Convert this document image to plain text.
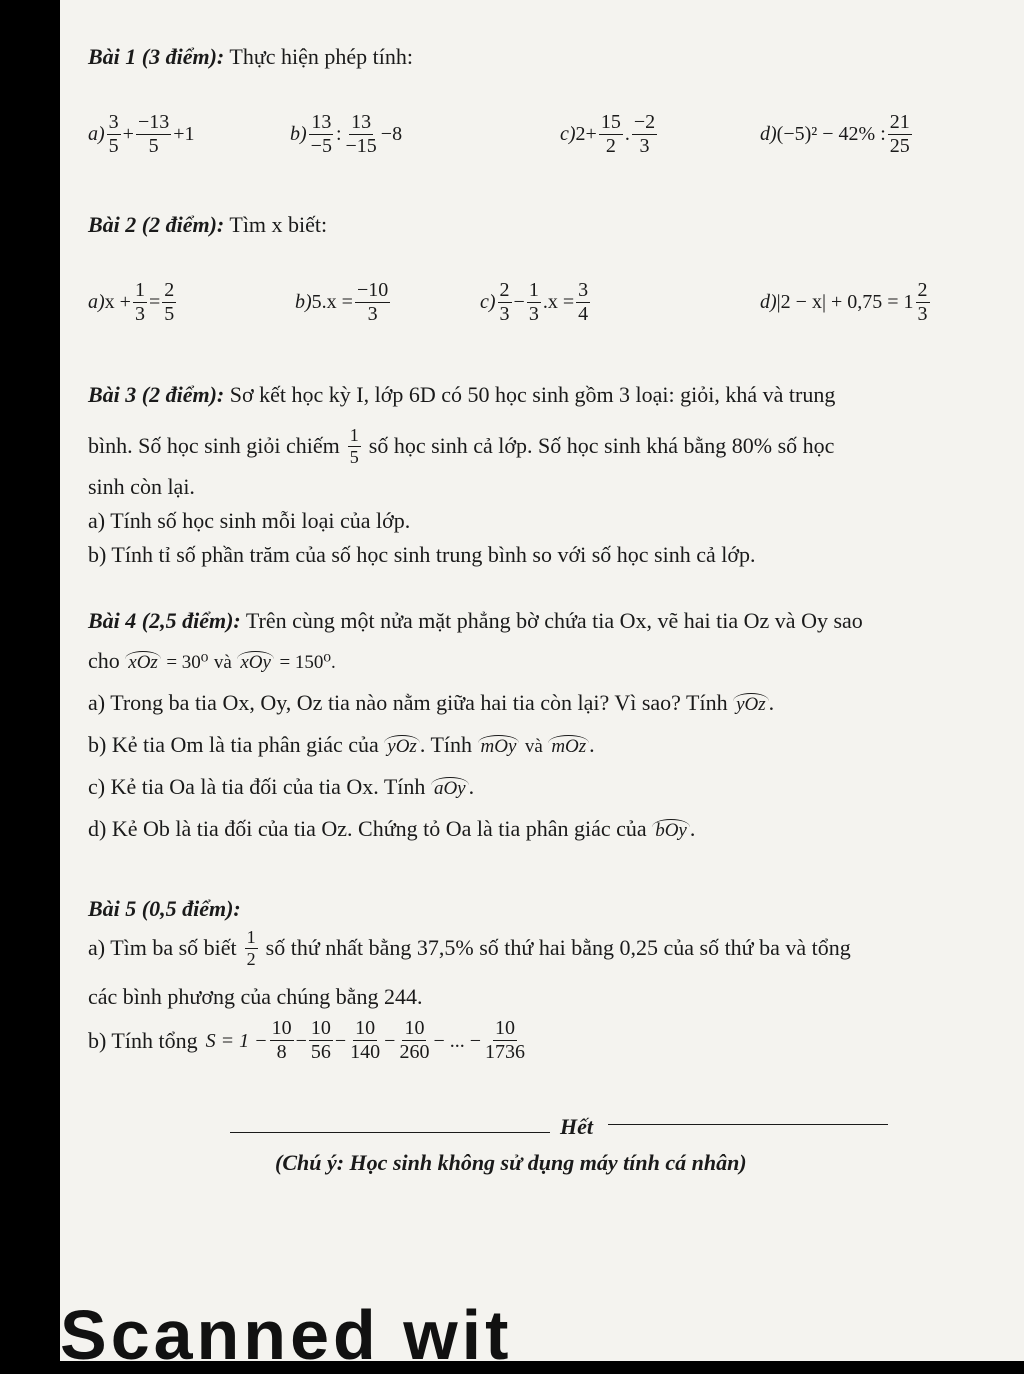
Bài 1 (3 điểm): Thực hiện phép tính:
$a) \frac{3}{5} + \frac{-13}{5} +1$	$b) \frac{13}{-5}$ : $\frac{13}{-15} -8$	c) $2+ \frac{15}{2}$ . $\frac{-2}{3}$	d) (−5)² − 42% : $\frac{21}{25}$
Bài 2 (2 điểm): Tìm x biết:
a) $x + \frac{1}{3} = \frac{2}{5}$	b) $5.x = \frac{-10}{3}$	$c) \frac{2}{3} - \frac{1}{3} .x = \frac{3}{4}$	d) $|2 - x| + 0,75 = 1 \frac{2}{3}$
Bài 3 (2 điểm): Sơ kết học kỳ I, lớp 6D có 50 học sinh gồm 3 loại: giỏi, khá và trung
bình. Số học sinh giỏi chiếm $\frac{1}{5}$ số học sinh cả lớp. Số học sinh khá bằng 80% số học
sinh còn lại.
a) Tính số học sinh mỗi loại của lớp.
b) Tính tỉ số phần trăm của số học sinh trung bình so với số học sinh cả lớp.
Bài 4 (2,5 điểm): Trên cùng một nửa mặt phẳng bờ chứa tia Ox, vẽ hai tia Oz và Oy sao
cho xOz = 30⁰ và xOy = 150⁰.
a) Trong ba tia Ox, Oy, Oz tia nào nằm giữa hai tia còn lại? Vì sao? Tính yOz .
b) Kẻ tia Om là tia phân giác của yOz . Tính mOy và mOz .
c) Kẻ tia Oa là tia đối của tia Ox. Tính aOy .
d) Kẻ Ob là tia đối của tia Oz. Chứng tỏ Oa là tia phân giác của bOy .
Bài 5 (0,5 điểm):
a) Tìm ba số biết $\frac{1}{2}$ số thứ nhất bằng 37,5% số thứ hai bằng 0,25 của số thứ ba và tổng
các bình phương của chúng bằng 244.
b) Tính tổng $S = 1 - \frac{10}{8} - \frac{10}{56} - \frac{10}{140} - \frac{10}{260}$ − ... − $\frac{10}{1736}$
Hết
(Chú ý: Học sinh không sử dụng máy tính cá nhân)
Scanned wit
